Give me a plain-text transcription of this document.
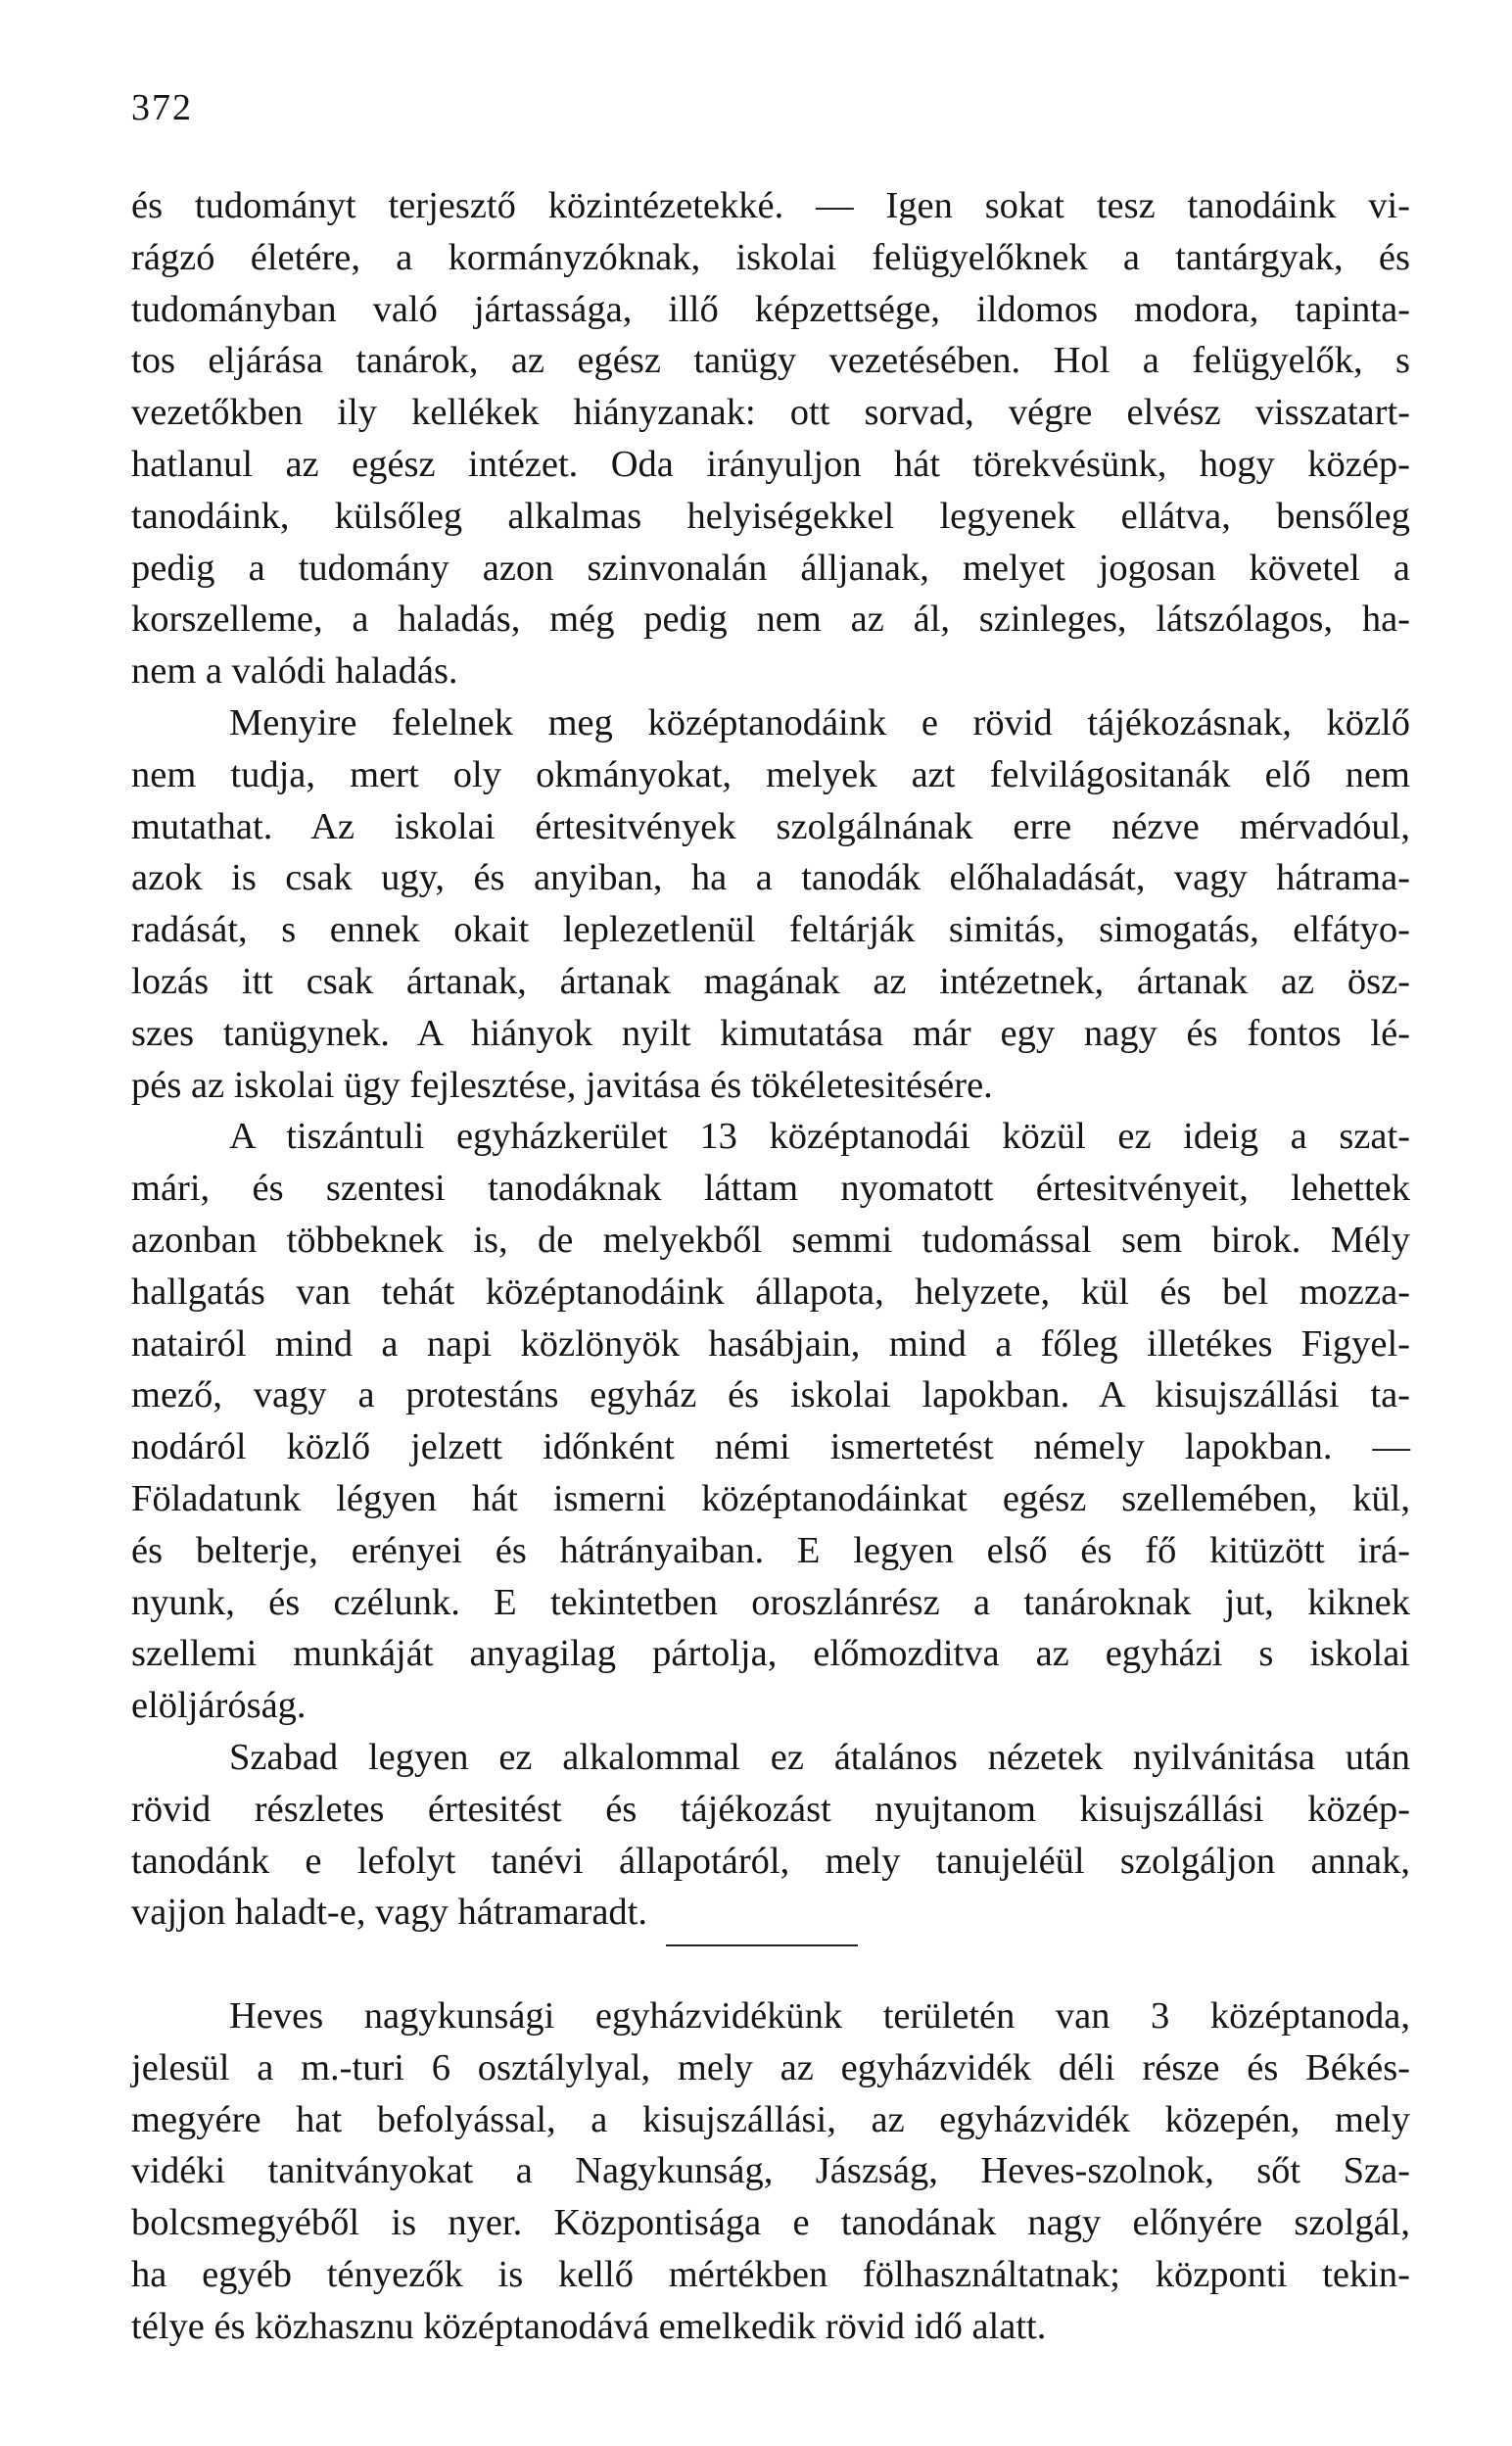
372
és tudományt terjesztő közintézetekké. — Igen sokat tesz tanodáink vi-
rágzó életére, a kormányzóknak, iskolai felügyelőknek a tantárgyak, és
tudományban való jártassága, illő képzettsége, ildomos modora, tapinta-
tos eljárása tanárok, az egész tanügy vezetésében. Hol a felügyelők, s
vezetőkben ily kellékek hiányzanak: ott sorvad, végre elvész visszatart-
hatlanul az egész intézet. Oda irányuljon hát törekvésünk, hogy közép-
tanodáink, külsőleg alkalmas helyiségekkel legyenek ellátva, bensőleg
pedig a tudomány azon szinvonalán álljanak, melyet jogosan követel a
korszelleme, a haladás, még pedig nem az ál, szinleges, látszólagos, ha-
nem a valódi haladás.
Menyire felelnek meg középtanodáink e rövid tájékozásnak, közlő
nem tudja, mert oly okmányokat, melyek azt felvilágositanák elő nem
mutathat. Az iskolai értesitvények szolgálnának erre nézve mérvadóul,
azok is csak ugy, és anyiban, ha a tanodák előhaladását, vagy hátrama-
radását, s ennek okait leplezetlenül feltárják simitás, simogatás, elfátyo-
lozás itt csak ártanak, ártanak magának az intézetnek, ártanak az ösz-
szes tanügynek. A hiányok nyilt kimutatása már egy nagy és fontos lé-
pés az iskolai ügy fejlesztése, javitása és tökéletesitésére.
A tiszántuli egyházkerület 13 középtanodái közül ez ideig a szat-
mári, és szentesi tanodáknak láttam nyomatott értesitvényeit, lehettek
azonban többeknek is, de melyekből semmi tudomással sem birok. Mély
hallgatás van tehát középtanodáink állapota, helyzete, kül és bel mozza-
natairól mind a napi közlönyök hasábjain, mind a főleg illetékes Figyel-
mező, vagy a protestáns egyház és iskolai lapokban. A kisujszállási ta-
nodáról közlő jelzett időnként némi ismertetést némely lapokban. —
Föladatunk légyen hát ismerni középtanodáinkat egész szellemében, kül,
és belterje, erényei és hátrányaiban. E legyen első és fő kitüzött irá-
nyunk, és czélunk. E tekintetben oroszlánrész a tanároknak jut, kiknek
szellemi munkáját anyagilag pártolja, előmozditva az egyházi s iskolai
elöljáróság.
Szabad legyen ez alkalommal ez átalános nézetek nyilvánitása után
rövid részletes értesitést és tájékozást nyujtanom kisujszállási közép-
tanodánk e lefolyt tanévi állapotáról, mely tanujeléül szolgáljon annak,
vajjon haladt-e, vagy hátramaradt.
Heves nagykunsági egyházvidékünk területén van 3 középtanoda,
jelesül a m.-turi 6 osztálylyal, mely az egyházvidék déli része és Békés-
megyére hat befolyással, a kisujszállási, az egyházvidék közepén, mely
vidéki tanitványokat a Nagykunság, Jászság, Heves-szolnok, sőt Sza-
bolcsmegyéből is nyer. Központisága e tanodának nagy előnyére szolgál,
ha egyéb tényezők is kellő mértékben fölhasználtatnak; központi tekin-
télye és közhasznu középtanodává emelkedik rövid idő alatt.
